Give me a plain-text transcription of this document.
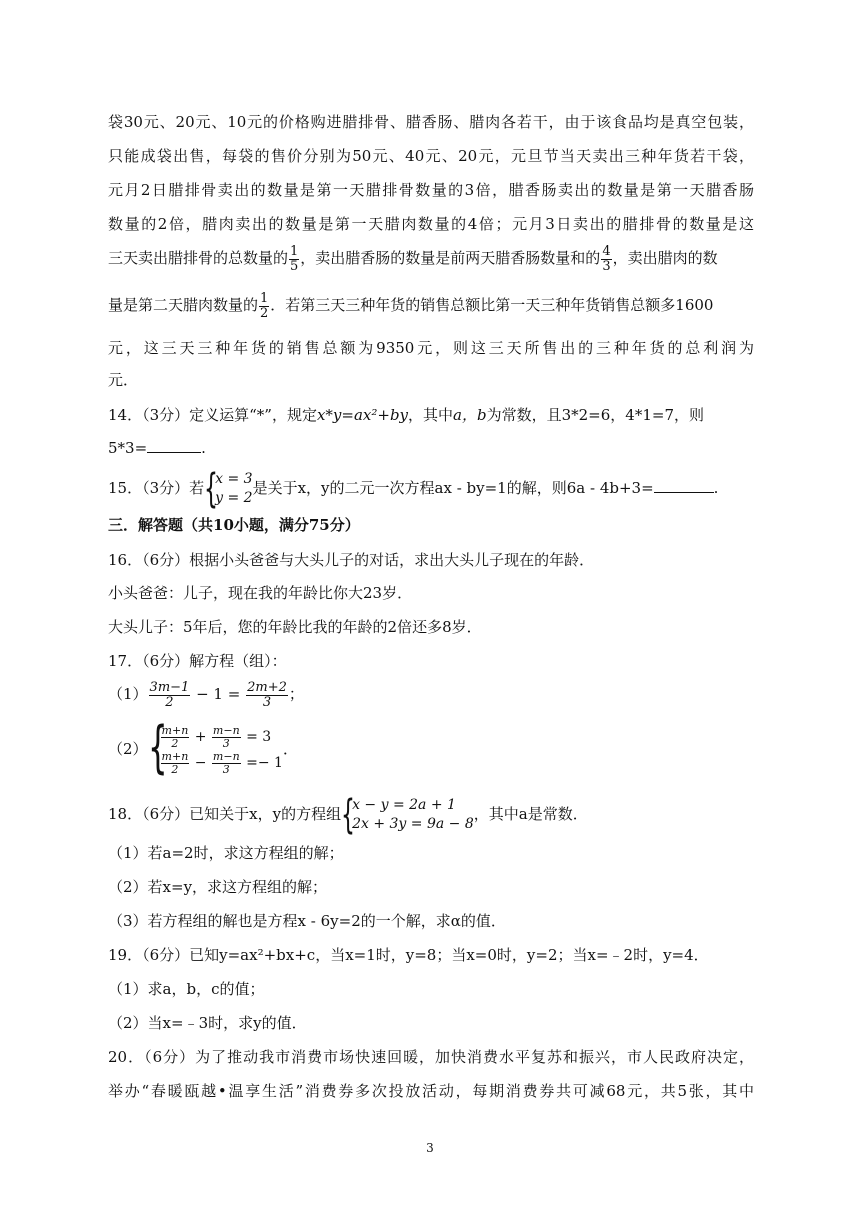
袋30元、20元、10元的价格购进腊排骨、腊香肠、腊肉各若干，由于该食品均是真空包装，
只能成袋出售，每袋的售价分别为50元、40元、20元，元旦节当天卖出三种年货若干袋，
元月2日腊排骨卖出的数量是第一天腊排骨数量的3倍，腊香肠卖出的数量是第一天腊香肠
数量的2倍，腊肉卖出的数量是第一天腊肉数量的4倍；元月3日卖出的腊排骨的数量是这
三天卖出腊排骨的总数量的 $\frac{1}{5}$ ，卖出腊香肠的数量是前两天腊香肠数量和的 $\frac{4}{3}$ ，卖出腊肉的数
量是第二天腊肉数量的 $\frac{1}{2}$ ．若第三天三种年货的销售总额比第一天三种年货销售总额多1600
元，这三天三种年货的销售总额为9350元，则这三天所售出的三种年货的总利润为
元．
14．（3分）定义运算“*”，规定x*y=ax²+by，其中a，b为常数，且3*2=6，4*1=7，则
5*3=	.
15．（3分）若 {
x = 3
y = 2
是关于x，y的二元一次方程ax - by=1的解，则6a - 4b+3=	.
三．解答题（共10小题，满分75分）
16．（6分）根据小头爸爸与大头儿子的对话，求出大头儿子现在的年龄．
小头爸爸：儿子，现在我的年龄比你大23岁．
大头儿子：5年后，您的年龄比我的年龄的2倍还多8岁．
17．（6分）解方程（组）：
$(1) \frac{3m-1}{2} - 1 = \frac{2m+2}{3}$ ；
（2） {
$\frac{m+n}{2} + \frac{m-n}{3} = 3$
$\frac{m+n}{2} - \frac{m-n}{3} =- 1$
．
18．（6分）已知关于x，y的方程组 {
x − y = 2a + 1
2x + 3y = 9a − 8
，其中a是常数．
（1）若a=2时，求这方程组的解；
（2）若x=y，求这方程组的解；
（3）若方程组的解也是方程x - 6y=2的一个解，求α的值．
19．（6分）已知y=ax²+bx+c，当x=1时，y=8；当x=0时，y=2；当x=﹣2时，y=4．
（1）求a，b，c的值；
（2）当x=﹣3时，求y的值．
20．（6分）为了推动我市消费市场快速回暖，加快消费水平复苏和振兴，市人民政府决定，
举办“春暖瓯越•温享生活”消费券多次投放活动，每期消费券共可减68元，共5张，其中
3
